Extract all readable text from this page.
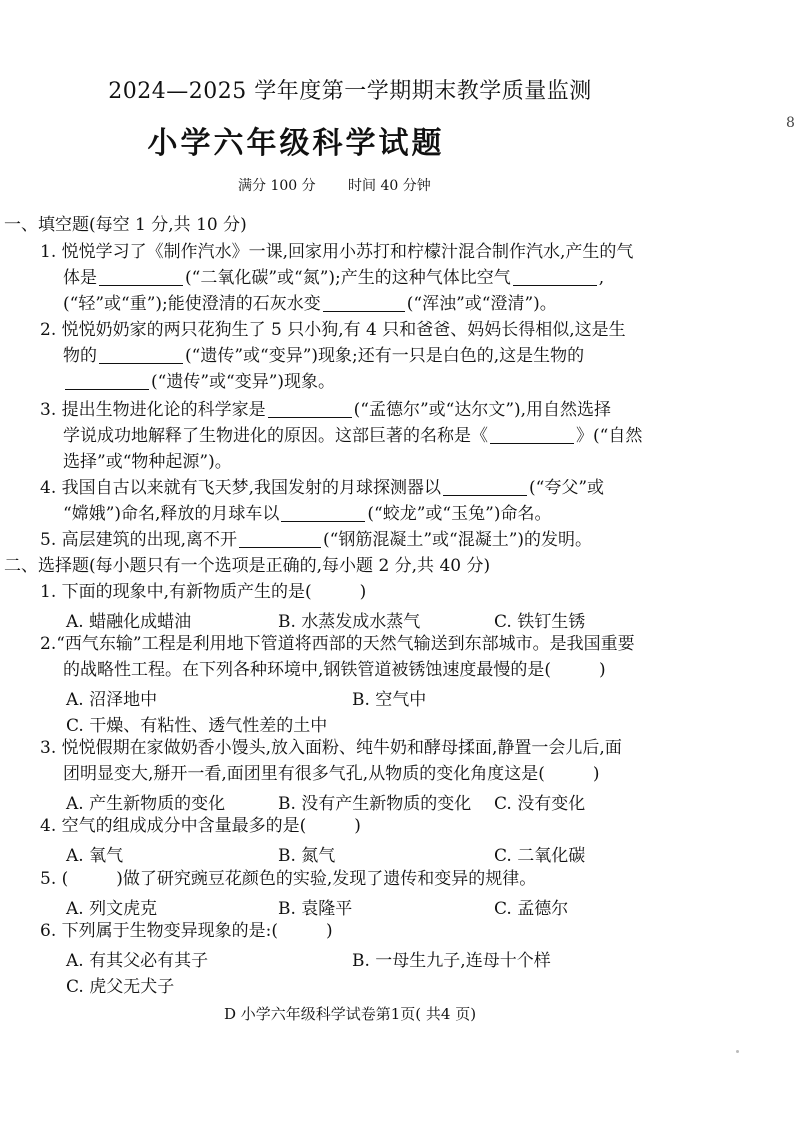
2024—2025 学年度第一学期期末教学质量监测
小学六年级科学试题
满分 100 分 时间 40 分钟
8
一、填空题(每空 1 分,共 10 分)
1. 悦悦学习了《制作汽水》一课,回家用小苏打和柠檬汁混合制作汽水,产生的气
体是	(“二氧化碳”或“氮”);产生的这种气体比空气	,
(“轻”或“重”);能使澄清的石灰水变	(“浑浊”或“澄清”)。
2. 悦悦奶奶家的两只花狗生了 5 只小狗,有 4 只和爸爸、妈妈长得相似,这是生
物的	(“遗传”或“变异”)现象;还有一只是白色的,这是生物的
(“遗传”或“变异”)现象。
3. 提出生物进化论的科学家是	(“孟德尔”或“达尔文”),用自然选择
学说成功地解释了生物进化的原因。这部巨著的名称是《	》(“自然
选择”或“物种起源”)。
4. 我国自古以来就有飞天梦,我国发射的月球探测器以	(“夸父”或
“嫦娥”)命名,释放的月球车以	(“蛟龙”或“玉兔”)命名。
5. 高层建筑的出现,离不开	(“钢筋混凝土”或“混凝土”)的发明。
二、选择题(每小题只有一个选项是正确的,每小题 2 分,共 40 分)
1. 下面的现象中,有新物质产生的是(	)
A. 蜡融化成蜡油	B. 水蒸发成水蒸气	C. 铁钉生锈
2.“西气东输”工程是利用地下管道将西部的天然气输送到东部城市。是我国重要
的战略性工程。在下列各种环境中,钢铁管道被锈蚀速度最慢的是(	)
A. 沼泽地中	B. 空气中
C. 干燥、有粘性、透气性差的土中
3. 悦悦假期在家做奶香小馒头,放入面粉、纯牛奶和酵母揉面,静置一会儿后,面
团明显变大,掰开一看,面团里有很多气孔,从物质的变化角度这是(	)
A. 产生新物质的变化	B. 没有产生新物质的变化 C. 没有变化
4. 空气的组成成分中含量最多的是(	)
A. 氧气	B. 氮气	C. 二氧化碳
5. (	)做了研究豌豆花颜色的实验,发现了遗传和变异的规律。
A. 列文虎克	B. 袁隆平	C. 孟德尔
6. 下列属于生物变异现象的是:(	)
A. 有其父必有其子	B. 一母生九子,连母十个样
C. 虎父无犬子
D 小学六年级科学试卷第1页( 共4 页)
